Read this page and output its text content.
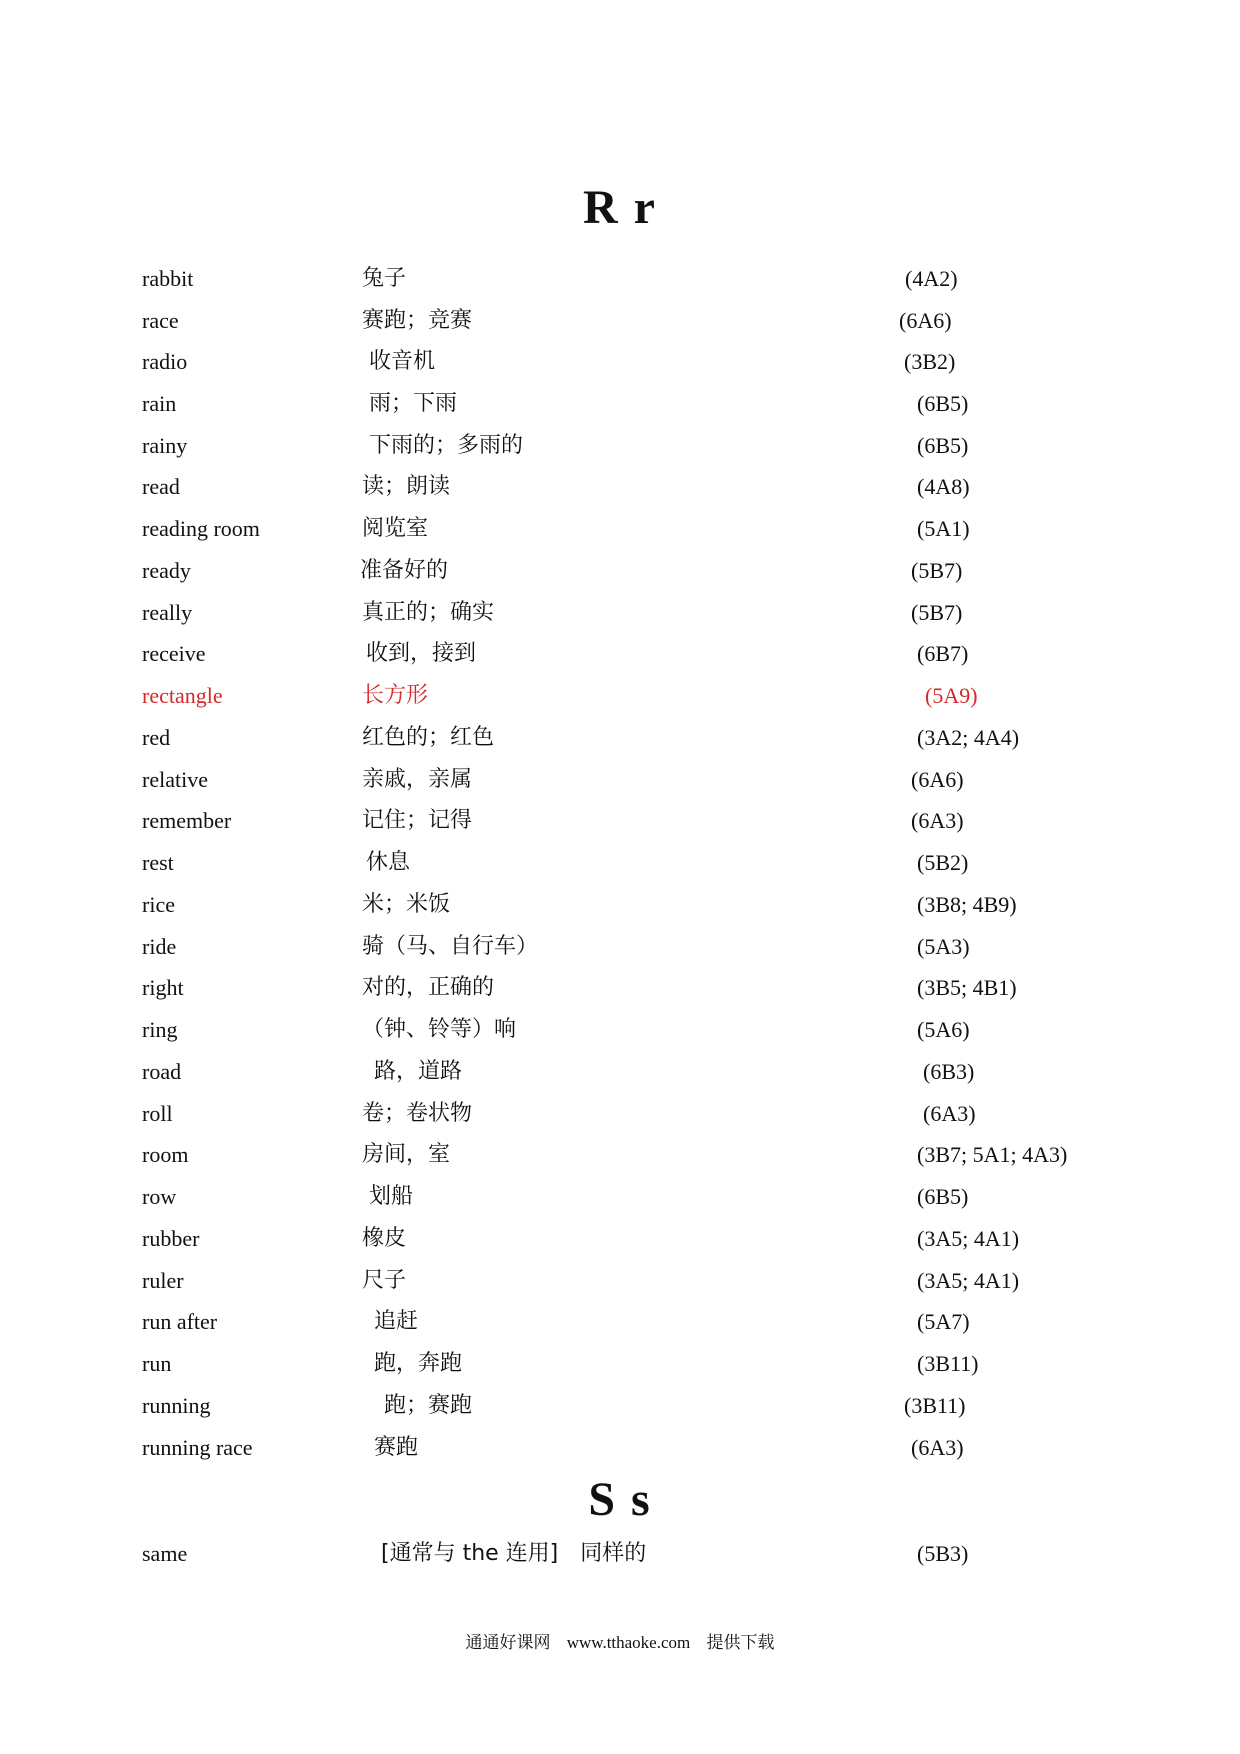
R r
rabbit	兔子	(4A2)
race	赛跑；竞赛	(6A6)
radio	收音机	(3B2)
rain	雨；下雨	(6B5)
rainy	下雨的；多雨的	(6B5)
read	读；朗读	(4A8)
reading room	阅览室	(5A1)
ready	准备好的	(5B7)
really	真正的；确实	(5B7)
receive	收到，接到	(6B7)
rectangle	长方形	(5A9)
red	红色的；红色	(3A2; 4A4)
relative	亲戚，亲属	(6A6)
remember	记住；记得	(6A3)
rest	休息	(5B2)
rice	米；米饭	(3B8; 4B9)
ride	骑（马、自行车）	(5A3)
right	对的，正确的	(3B5; 4B1)
ring	（钟、铃等）响	(5A6)
road	路，道路	(6B3)
roll	卷；卷状物	(6A3)
room	房间，室	(3B7; 5A1; 4A3)
row	划船	(6B5)
rubber	橡皮	(3A5; 4A1)
ruler	尺子	(3A5; 4A1)
run after	追赶	(5A7)
run	跑，奔跑	(3B11)
running	跑；赛跑	(3B11)
running race	赛跑	(6A3)
S s
same	[通常与 the 连用]　同样的	(5B3)
通通好课网 www.tthaoke.com 提供下载
